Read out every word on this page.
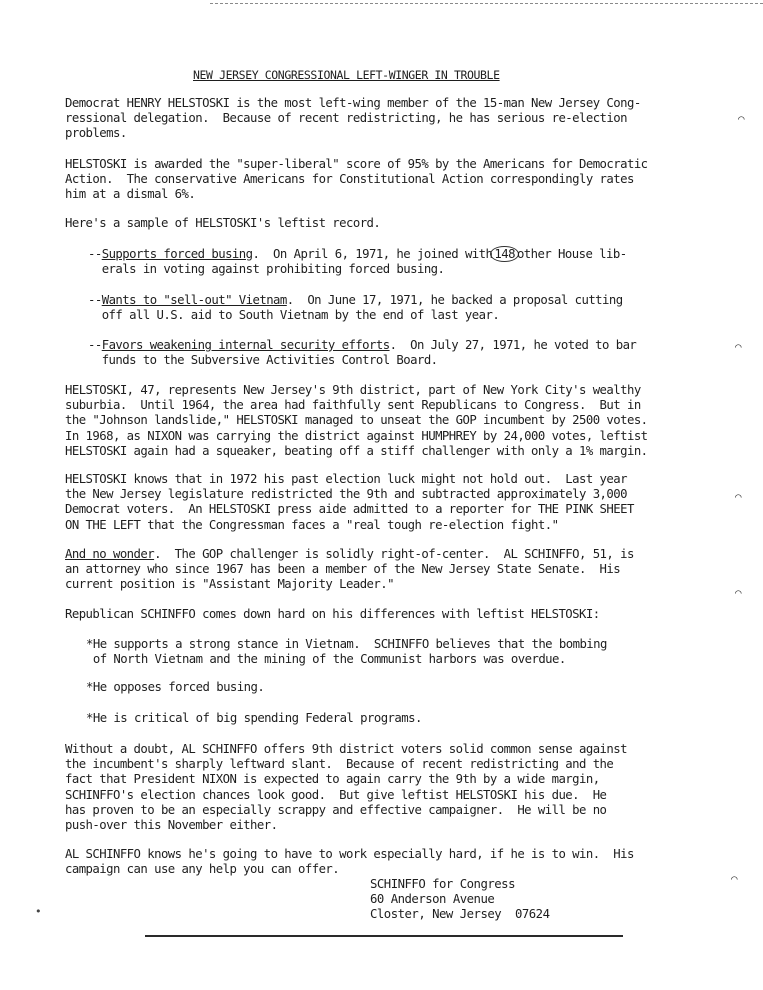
NEW JERSEY CONGRESSIONAL LEFT-WINGER IN TROUBLE
Democrat HENRY HELSTOSKI is the most left-wing member of the 15-man New Jersey Cong-
ressional delegation.  Because of recent redistricting, he has serious re-election
problems.
HELSTOSKI is awarded the "super-liberal" score of 95% by the Americans for Democratic
Action.  The conservative Americans for Constitutional Action correspondingly rates
him at a dismal 6%.
Here's a sample of HELSTOSKI's leftist record.
--Supports forced busing.  On April 6, 1971, he joined with 148 other House lib-
erals in voting against prohibiting forced busing.
--Wants to "sell-out" Vietnam.  On June 17, 1971, he backed a proposal cutting
off all U.S. aid to South Vietnam by the end of last year.
--Favors weakening internal security efforts.  On July 27, 1971, he voted to bar
funds to the Subversive Activities Control Board.
HELSTOSKI, 47, represents New Jersey's 9th district, part of New York City's wealthy
suburbia.  Until 1964, the area had faithfully sent Republicans to Congress.  But in
the "Johnson landslide," HELSTOSKI managed to unseat the GOP incumbent by 2500 votes.
In 1968, as NIXON was carrying the district against HUMPHREY by 24,000 votes, leftist
HELSTOSKI again had a squeaker, beating off a stiff challenger with only a 1% margin.
HELSTOSKI knows that in 1972 his past election luck might not hold out.  Last year
the New Jersey legislature redistricted the 9th and subtracted approximately 3,000
Democrat voters.  An HELSTOSKI press aide admitted to a reporter for THE PINK SHEET
ON THE LEFT that the Congressman faces a "real tough re-election fight."
And no wonder.  The GOP challenger is solidly right-of-center.  AL SCHINFFO, 51, is
an attorney who since 1967 has been a member of the New Jersey State Senate.  His
current position is "Assistant Majority Leader."
Republican SCHINFFO comes down hard on his differences with leftist HELSTOSKI:
*He supports a strong stance in Vietnam.  SCHINFFO believes that the bombing
of North Vietnam and the mining of the Communist harbors was overdue.
*He opposes forced busing.
*He is critical of big spending Federal programs.
Without a doubt, AL SCHINFFO offers 9th district voters solid common sense against
the incumbent's sharply leftward slant.  Because of recent redistricting and the
fact that President NIXON is expected to again carry the 9th by a wide margin,
SCHINFFO's election chances look good.  But give leftist HELSTOSKI his due.  He
has proven to be an especially scrappy and effective campaigner.  He will be no
push-over this November either.
AL SCHINFFO knows he's going to have to work especially hard, if he is to win.  His
campaign can use any help you can offer.
SCHINFFO for Congress
60 Anderson Avenue
Closter, New Jersey  07624
⌒
⌒
⌒
⌒
⌒
•
